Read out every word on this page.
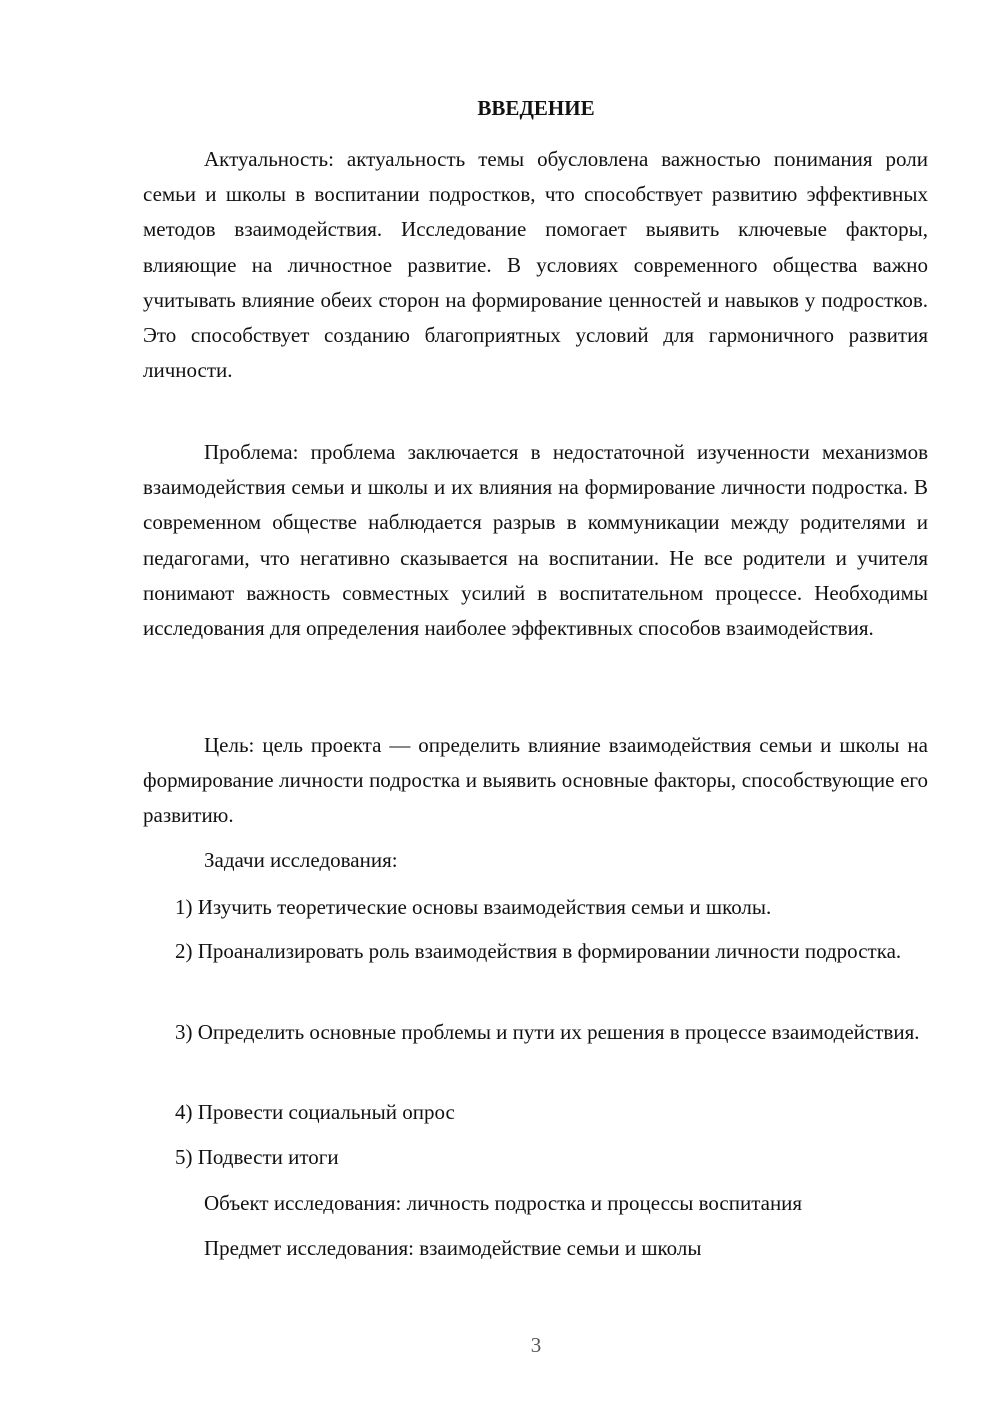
ВВЕДЕНИЕ

Актуальность: актуальность темы обусловлена важностью понимания роли семьи и школы в воспитании подростков, что способствует развитию эффективных методов взаимодействия. Исследование помогает выявить ключевые факторы, влияющие на личностное развитие. В условиях современного общества важно учитывать влияние обеих сторон на формирование ценностей и навыков у подростков. Это способствует созданию благоприятных условий для гармоничного развития личности.

Проблема: проблема заключается в недостаточной изученности механизмов взаимодействия семьи и школы и их влияния на формирование личности подростка. В современном обществе наблюдается разрыв в коммуникации между родителями и педагогами, что негативно сказывается на воспитании. Не все родители и учителя понимают важность совместных усилий в воспитательном процессе. Необходимы исследования для определения наиболее эффективных способов взаимодействия.

Цель: цель проекта — определить влияние взаимодействия семьи и школы на формирование личности подростка и выявить основные факторы, способствующие его развитию.

Задачи исследования:

1) Изучить теоретические основы взаимодействия семьи и школы.

2) Проанализировать роль взаимодействия в формировании личности подростка.

3) Определить основные проблемы и пути их решения в процессе взаимодействия.

4) Провести социальный опрос

5) Подвести итоги

Объект исследования: личность подростка и процессы воспитания

Предмет исследования: взаимодействие семьи и школы

3
